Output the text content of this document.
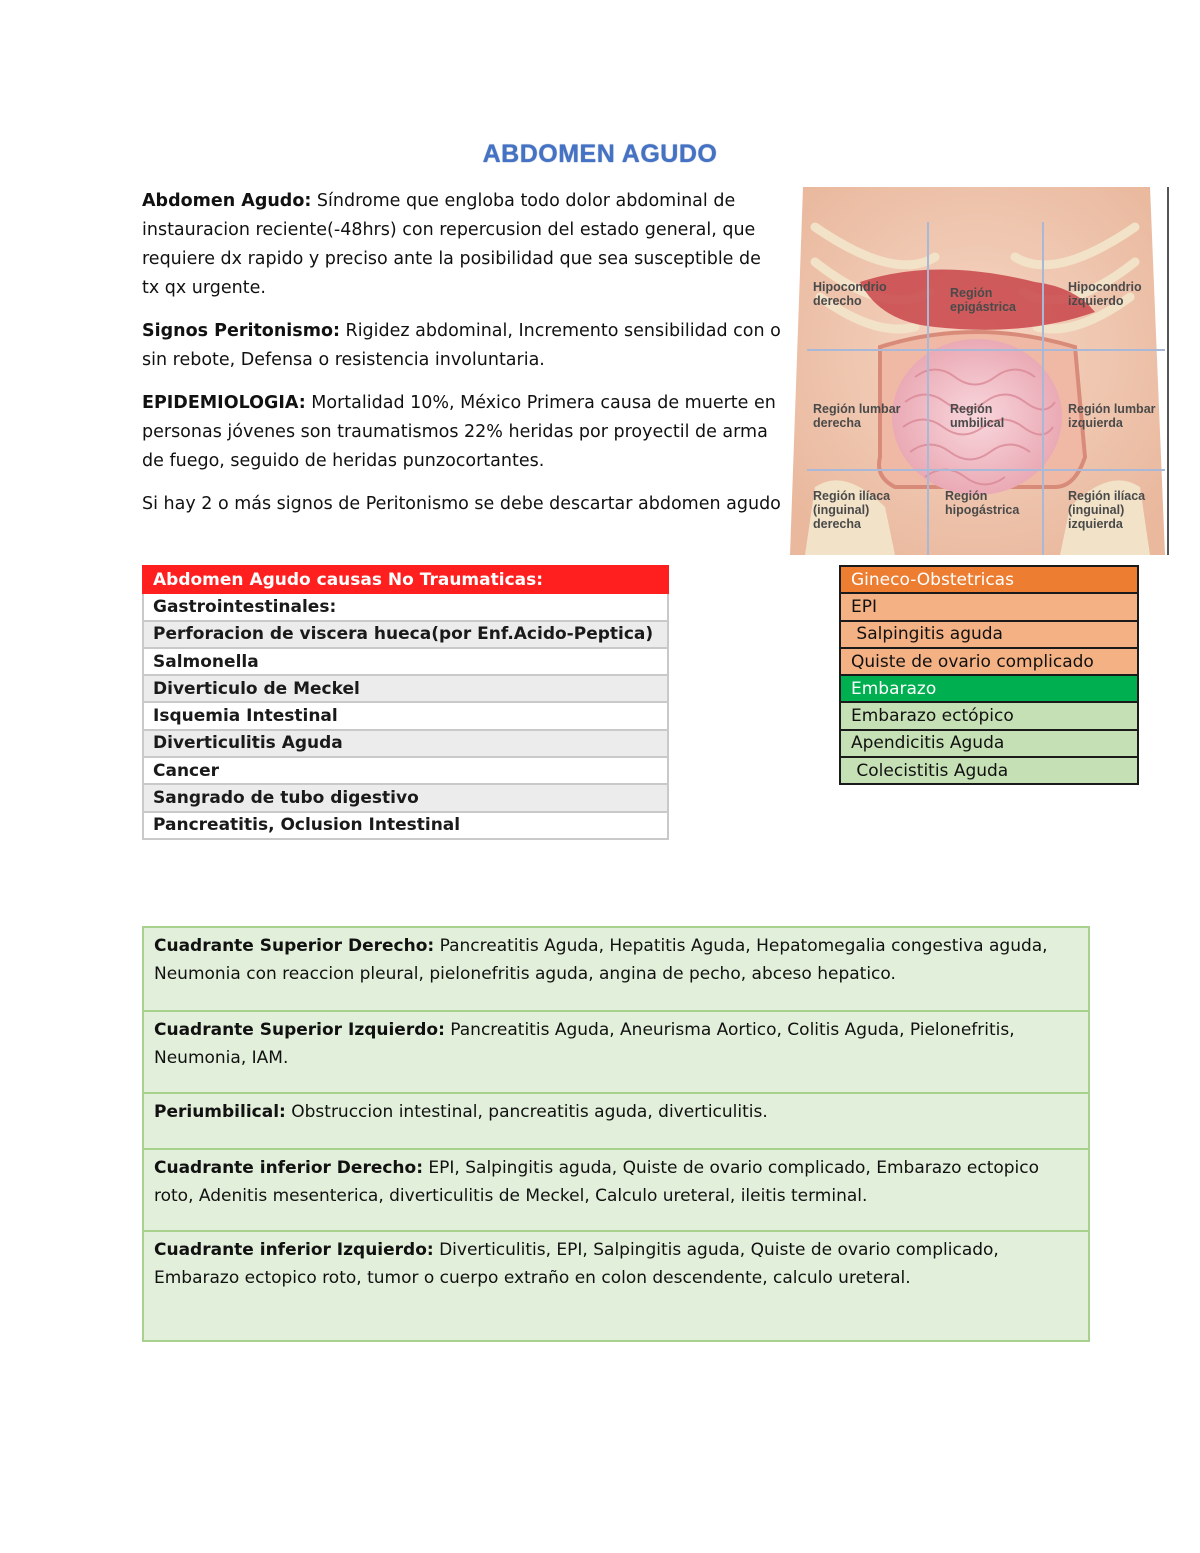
ABDOMEN AGUDO

Abdomen Agudo: Síndrome que engloba todo dolor abdominal de instauracion reciente(-48hrs) con repercusion del estado general, que requiere dx rapido y preciso ante la posibilidad que sea susceptible de tx qx urgente.

Signos Peritonismo: Rigidez abdominal, Incremento sensibilidad con o sin rebote, Defensa o resistencia involuntaria.

EPIDEMIOLOGIA: Mortalidad 10%, México Primera causa de muerte en personas jóvenes son traumatismos 22% heridas por proyectil de arma de fuego, seguido de heridas punzocortantes.

Si hay 2 o más signos de Peritonismo se debe descartar abdomen agudo

Hipocondrio
derecho
Región
epigástrica
Hipocondrio
izquierdo
Región lumbar
derecha
Región
umbilical
Región lumbar
izquierda
Región ilíaca
(inguinal)
derecha
Región
hipogástrica
Región ilíaca
(inguinal)
izquierda
Abdomen Agudo causas No Traumaticas:
Gastrointestinales:
Perforacion de viscera hueca(por Enf.Acido-Peptica)
Salmonella
Diverticulo de Meckel
Isquemia Intestinal
Diverticulitis Aguda
Cancer
Sangrado de tubo digestivo
Pancreatitis, Oclusion Intestinal
Gineco-Obstetricas
EPI
Salpingitis aguda
Quiste de ovario complicado
Embarazo
Embarazo ectópico
Apendicitis Aguda
Colecistitis Aguda
Cuadrante Superior Derecho: Pancreatitis Aguda, Hepatitis Aguda, Hepatomegalia congestiva aguda, Neumonia con reaccion pleural, pielonefritis aguda, angina de pecho, abceso hepatico.
Cuadrante Superior Izquierdo: Pancreatitis Aguda, Aneurisma Aortico, Colitis Aguda, Pielonefritis, Neumonia, IAM.
Periumbilical: Obstruccion intestinal, pancreatitis aguda, diverticulitis.
Cuadrante inferior Derecho: EPI, Salpingitis aguda, Quiste de ovario complicado, Embarazo ectopico roto, Adenitis mesenterica, diverticulitis de Meckel, Calculo ureteral, ileitis terminal.
Cuadrante inferior Izquierdo: Diverticulitis, EPI, Salpingitis aguda, Quiste de ovario complicado, Embarazo ectopico roto, tumor o cuerpo extraño en colon descendente, calculo ureteral.
